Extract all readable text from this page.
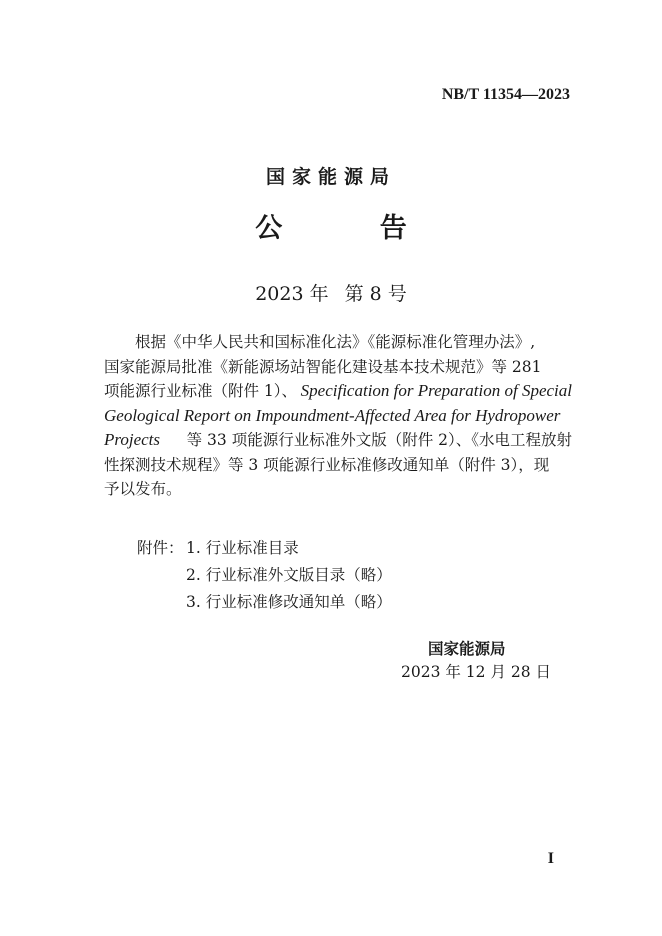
NB/T 11354—2023
国家能源局
公 告
2023 年 第 8 号
根据《中华人民共和国标准化法》《能源标准化管理办法》,
国家能源局批准《新能源场站智能化建设基本技术规范》等 281
项能源行业标准（附件 1）、 Specification for Preparation of Special
Geological Report on Impoundment-Affected Area for Hydropower
Projects 等 33 项能源行业标准外文版（附件 2）、《水电工程放射
性探测技术规程》等 3 项能源行业标准修改通知单（附件 3），现
予以发布。
附件： 1. 行业标准目录
2. 行业标准外文版目录（略）
3. 行业标准修改通知单（略）
国家能源局
2023 年 12 月 28 日
I
